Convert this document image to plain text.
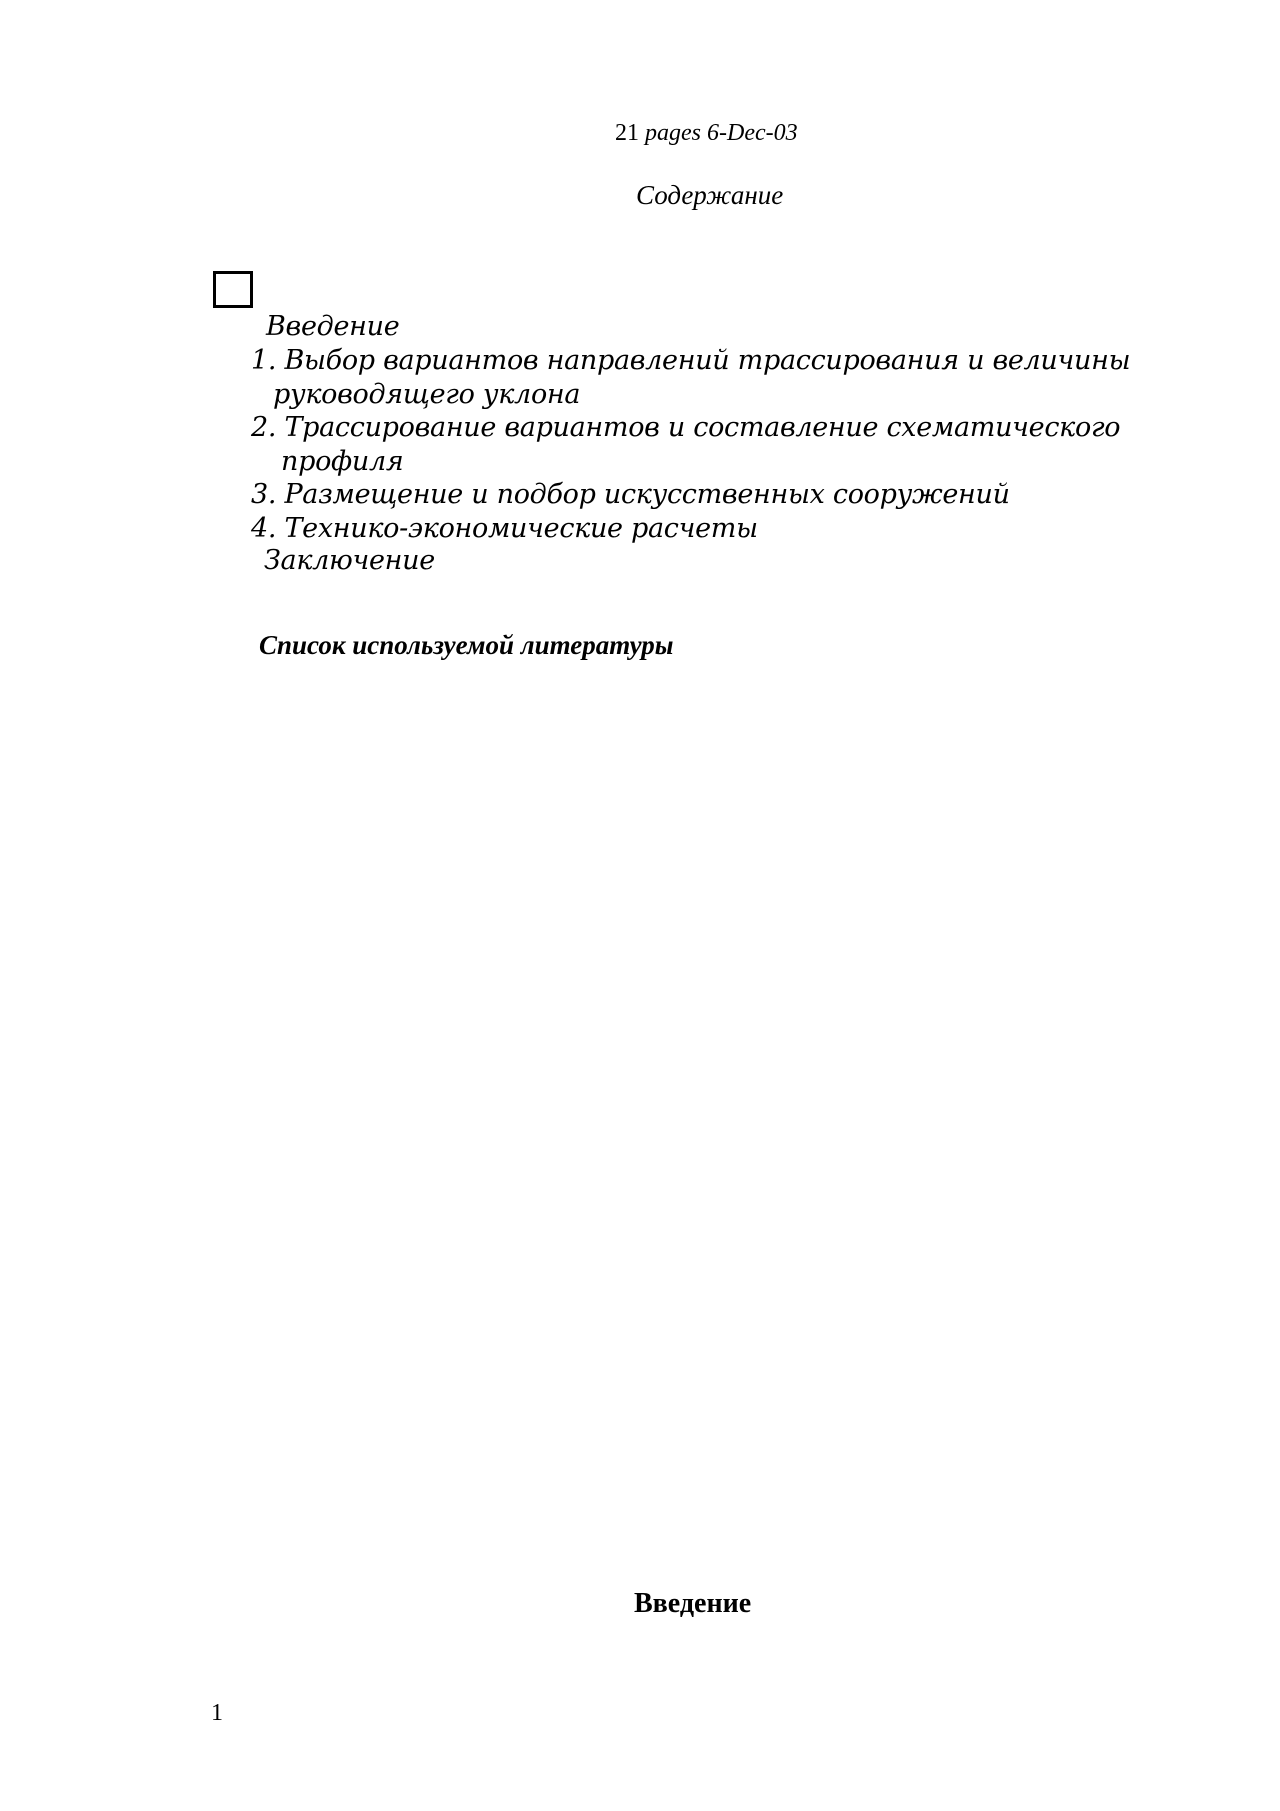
21 pages 6-Dec-03
Содержание
Введение
1. Выбор вариантов направлений трассирования и величины
руководящего уклона
2. Трассирование вариантов и составление схематического
профиля
3. Размещение и подбор искусственных сооружений
4. Технико-экономические расчеты
Заключение
Список используемой литературы
Введение
1
